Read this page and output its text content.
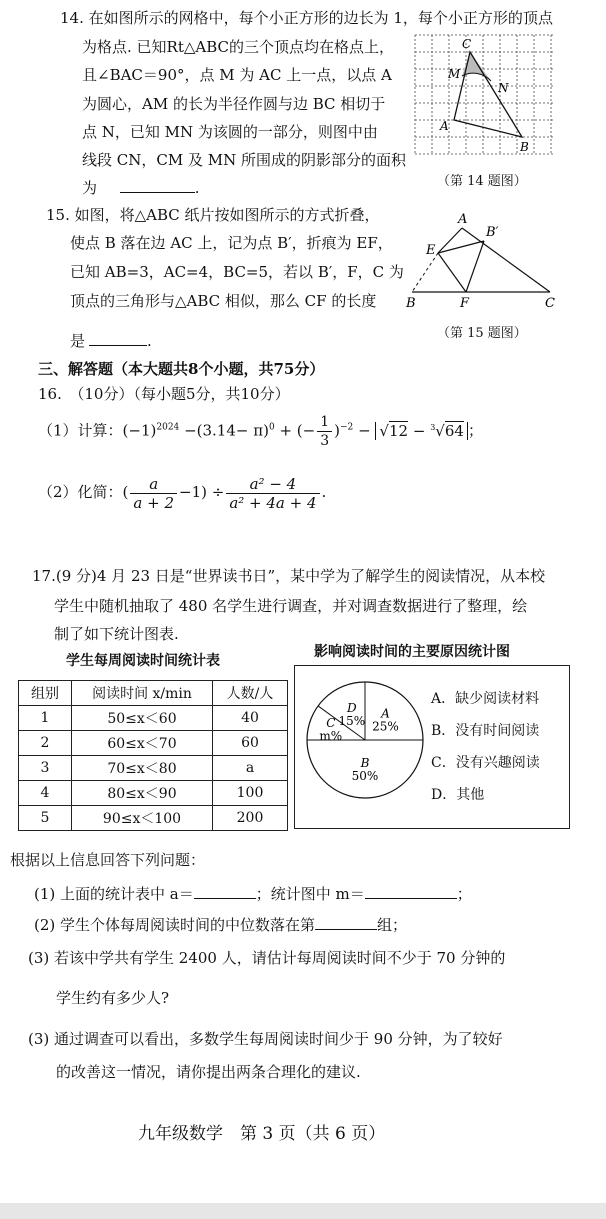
14. 在如图所示的网格中，每个小正方形的边长为 1，每个小正方形的顶点
为格点. 已知Rt△ABC的三个顶点均在格点上，
且∠BAC＝90°，点 M 为 AC 上一点，以点 A
为圆心，AM 的长为半径作圆与边 BC 相切于
点 N，已知 MN 为该圆的一部分，则图中由
线段 CN，CM 及 MN 所围成的阴影部分的面积
为	.
C
M
N
A
B
（第 14 题图）
15. 如图，将△ABC 纸片按如图所示的方式折叠，
使点 B 落在边 AC 上，记为点 B′，折痕为 EF，
已知 AB=3，AC=4，BC=5，若以 B′，F，C 为
顶点的三角形与△ABC 相似，那么 CF 的长度
是	.
A
B′
E
B	F	C
（第 15 题图）
三、解答题（本大题共8个小题，共75分）
16.　（10分）（每小题5分，共10分）
（1）计算：$(-1)^{2024} -(3.14- \pi)^0$ + (− $\frac{1}{3} )^{-2} - √12 - ^3√64$ ；
（2）化简：( $\frac{a}{a + 2} -1) \div \frac{\text{a² − 4}}{\text{a² + 4a + 4}}$ .
17.(9 分)4 月 23 日是“世界读书日”，某中学为了解学生的阅读情况，从本校
学生中随机抽取了 480 名学生进行调查，并对调查数据进行了整理，绘
制了如下统计图表.
学生每周阅读时间统计表
影响阅读时间的主要原因统计图
组别	阅读时间 x/min	人数/人
1	50≤x＜60	40
2	60≤x＜70	60
3	70≤x＜80	a
4	80≤x＜90	100
5	90≤x＜100	200
A
25%
B
50%
C
m%
D
15%
A．缺少阅读材料
B．没有时间阅读
C．没有兴趣阅读
D．其他
根据以上信息回答下列问题：
(1) 上面的统计表中 a＝	；统计图中 m＝	；
(2) 学生个体每周阅读时间的中位数落在第	组；
(3) 若该中学共有学生 2400 人，请估计每周阅读时间不少于 70 分钟的
学生约有多少人?
(3) 通过调查可以看出，多数学生每周阅读时间少于 90 分钟，为了较好
的改善这一情况，请你提出两条合理化的建议.
九年级数学　第 3 页（共 6 页）
